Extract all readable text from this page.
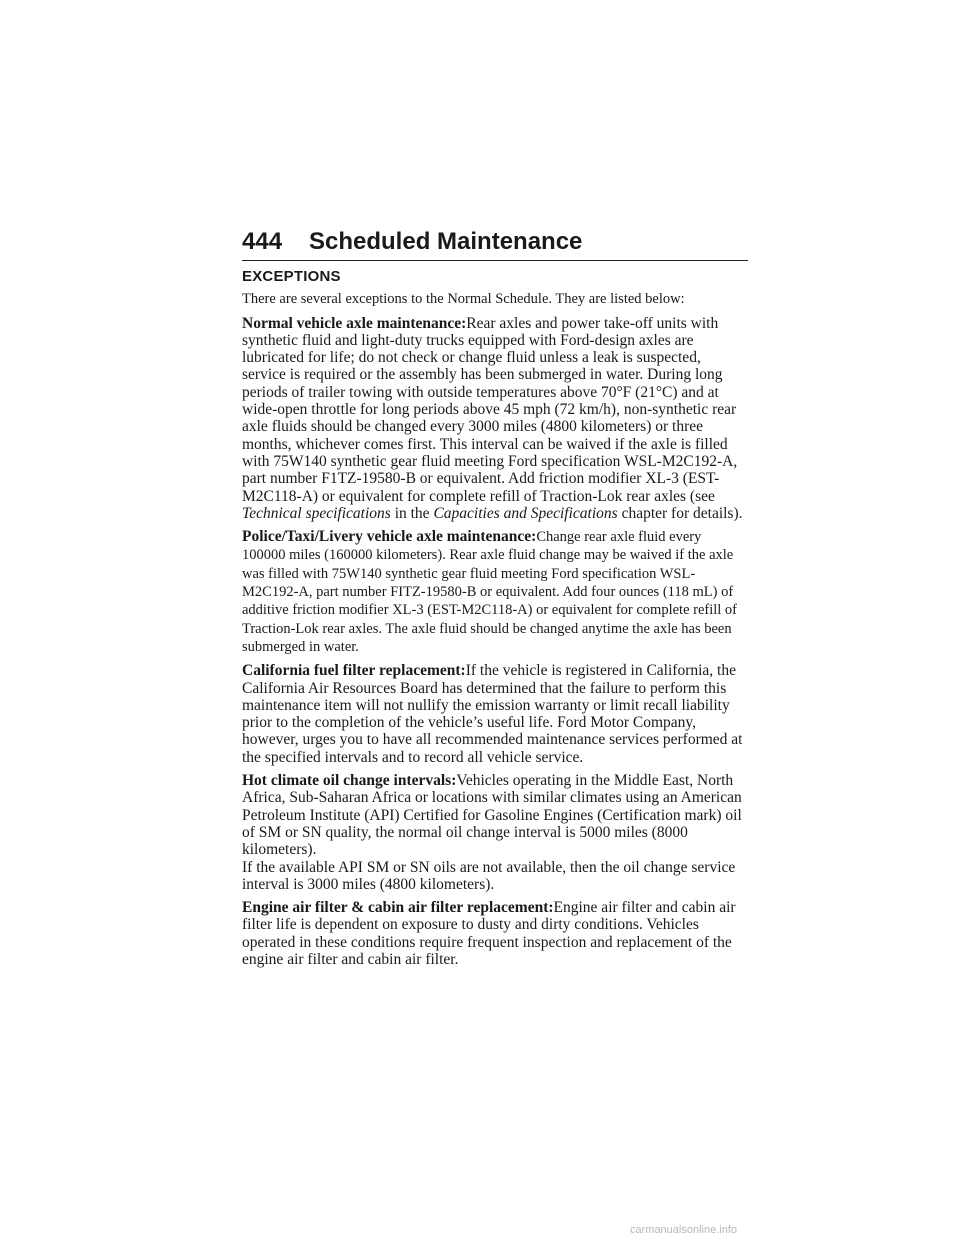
444 Scheduled Maintenance
EXCEPTIONS

There are several exceptions to the Normal Schedule. They are listed below:

Normal vehicle axle maintenance:Rear axles and power take-off units with synthetic fluid and light-duty trucks equipped with Ford-design axles are lubricated for life; do not check or change fluid unless a leak is suspected, service is required or the assembly has been submerged in water. During long periods of trailer towing with outside temperatures above 70°F (21°C) and at wide-open throttle for long periods above 45 mph (72 km/h), non-synthetic rear axle fluids should be changed every 3000 miles (4800 kilometers) or three months, whichever comes first. This interval can be waived if the axle is filled with 75W140 synthetic gear fluid meeting Ford specification WSL-M2C192-A, part number F1TZ-19580-B or equivalent. Add friction modifier XL-3 (EST-M2C118-A) or equivalent for complete refill of Traction-Lok rear axles (see Technical specifications in the Capacities and Specifications chapter for details).

Police/Taxi/Livery vehicle axle maintenance:Change rear axle fluid every 100000 miles (160000 kilometers). Rear axle fluid change may be waived if the axle was filled with 75W140 synthetic gear fluid meeting Ford specification WSL-M2C192-A, part number FITZ-19580-B or equivalent. Add four ounces (118 mL) of additive friction modifier XL-3 (EST-M2C118-A) or equivalent for complete refill of Traction-Lok rear axles. The axle fluid should be changed anytime the axle has been submerged in water.

California fuel filter replacement:If the vehicle is registered in California, the California Air Resources Board has determined that the failure to perform this maintenance item will not nullify the emission warranty or limit recall liability prior to the completion of the vehicle’s useful life. Ford Motor Company, however, urges you to have all recommended maintenance services performed at the specified intervals and to record all vehicle service.

Hot climate oil change intervals:Vehicles operating in the Middle East, North Africa, Sub-Saharan Africa or locations with similar climates using an American Petroleum Institute (API) Certified for Gasoline Engines (Certification mark) oil of SM or SN quality, the normal oil change interval is 5000 miles (8000 kilometers).

If the available API SM or SN oils are not available, then the oil change service interval is 3000 miles (4800 kilometers).

Engine air filter & cabin air filter replacement:Engine air filter and cabin air filter life is dependent on exposure to dusty and dirty conditions. Vehicles operated in these conditions require frequent inspection and replacement of the engine air filter and cabin air filter.

carmanualsonline.info
